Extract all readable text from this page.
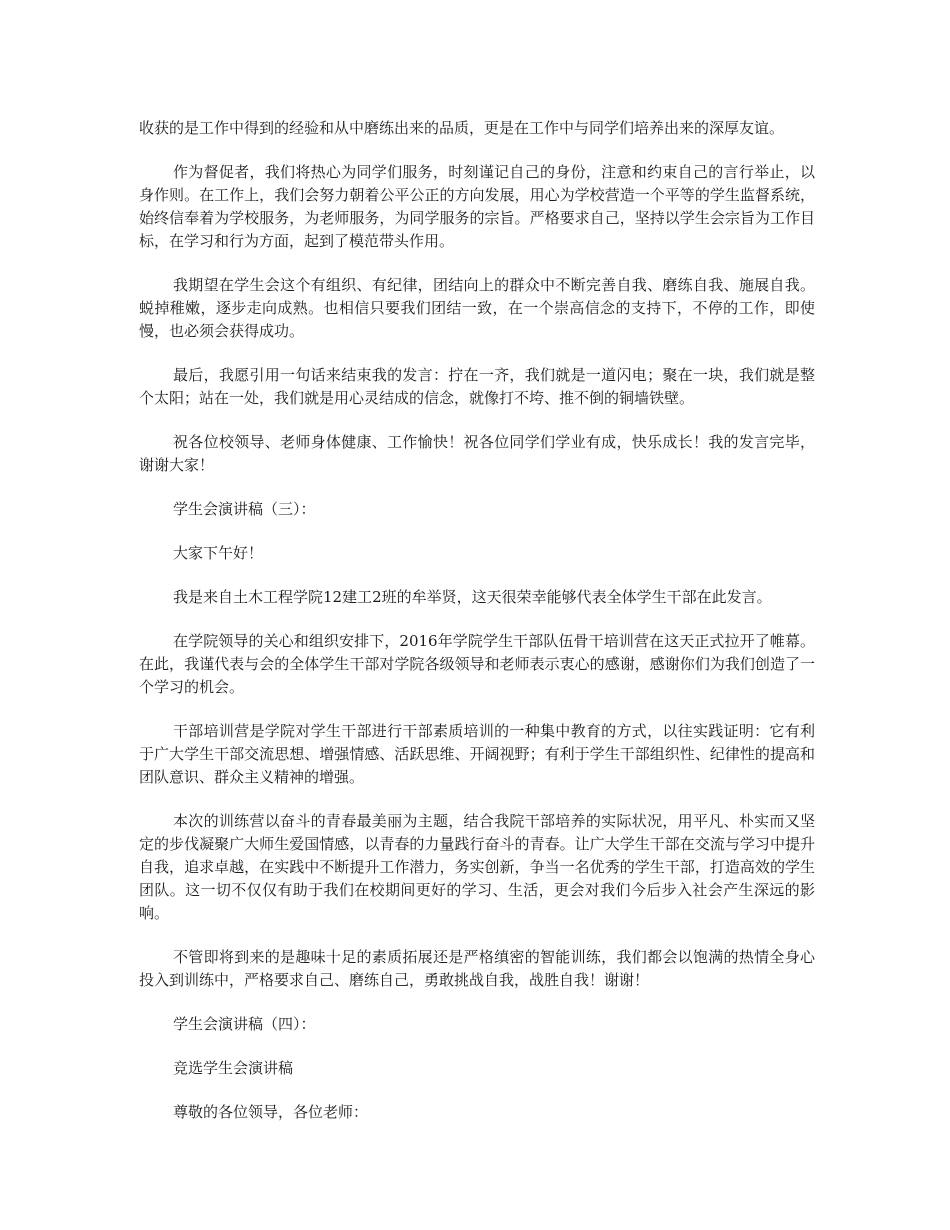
收获的是工作中得到的经验和从中磨练出来的品质，更是在工作中与同学们培养出来的深厚友谊。

作为督促者，我们将热心为同学们服务，时刻谨记自己的身份，注意和约束自己的言行举止，以身作则。在工作上，我们会努力朝着公平公正的方向发展，用心为学校营造一个平等的学生监督系统，始终信奉着为学校服务，为老师服务，为同学服务的宗旨。严格要求自己，坚持以学生会宗旨为工作目标，在学习和行为方面，起到了模范带头作用。

我期望在学生会这个有组织、有纪律，团结向上的群众中不断完善自我、磨练自我、施展自我。蜕掉稚嫩，逐步走向成熟。也相信只要我们团结一致，在一个崇高信念的支持下，不停的工作，即使慢，也必须会获得成功。

最后，我愿引用一句话来结束我的发言：拧在一齐，我们就是一道闪电；聚在一块，我们就是整个太阳；站在一处，我们就是用心灵结成的信念，就像打不垮、推不倒的铜墙铁壁。

祝各位校领导、老师身体健康、工作愉快！祝各位同学们学业有成，快乐成长！我的发言完毕，谢谢大家！

学生会演讲稿（三）：

大家下午好！

我是来自土木工程学院12建工2班的牟举贤，这天很荣幸能够代表全体学生干部在此发言。

在学院领导的关心和组织安排下，2016年学院学生干部队伍骨干培训营在这天正式拉开了帷幕。在此，我谨代表与会的全体学生干部对学院各级领导和老师表示衷心的感谢，感谢你们为我们创造了一个学习的机会。

干部培训营是学院对学生干部进行干部素质培训的一种集中教育的方式，以往实践证明：它有利于广大学生干部交流思想、增强情感、活跃思维、开阔视野；有利于学生干部组织性、纪律性的提高和团队意识、群众主义精神的增强。

本次的训练营以奋斗的青春最美丽为主题，结合我院干部培养的实际状况，用平凡、朴实而又坚定的步伐凝聚广大师生爱国情感，以青春的力量践行奋斗的青春。让广大学生干部在交流与学习中提升自我，追求卓越，在实践中不断提升工作潜力，务实创新，争当一名优秀的学生干部，打造高效的学生团队。这一切不仅仅有助于我们在校期间更好的学习、生活，更会对我们今后步入社会产生深远的影响。

不管即将到来的是趣味十足的素质拓展还是严格缜密的智能训练，我们都会以饱满的热情全身心投入到训练中，严格要求自己、磨练自己，勇敢挑战自我，战胜自我！谢谢！

学生会演讲稿（四）：

竞选学生会演讲稿

尊敬的各位领导，各位老师：
